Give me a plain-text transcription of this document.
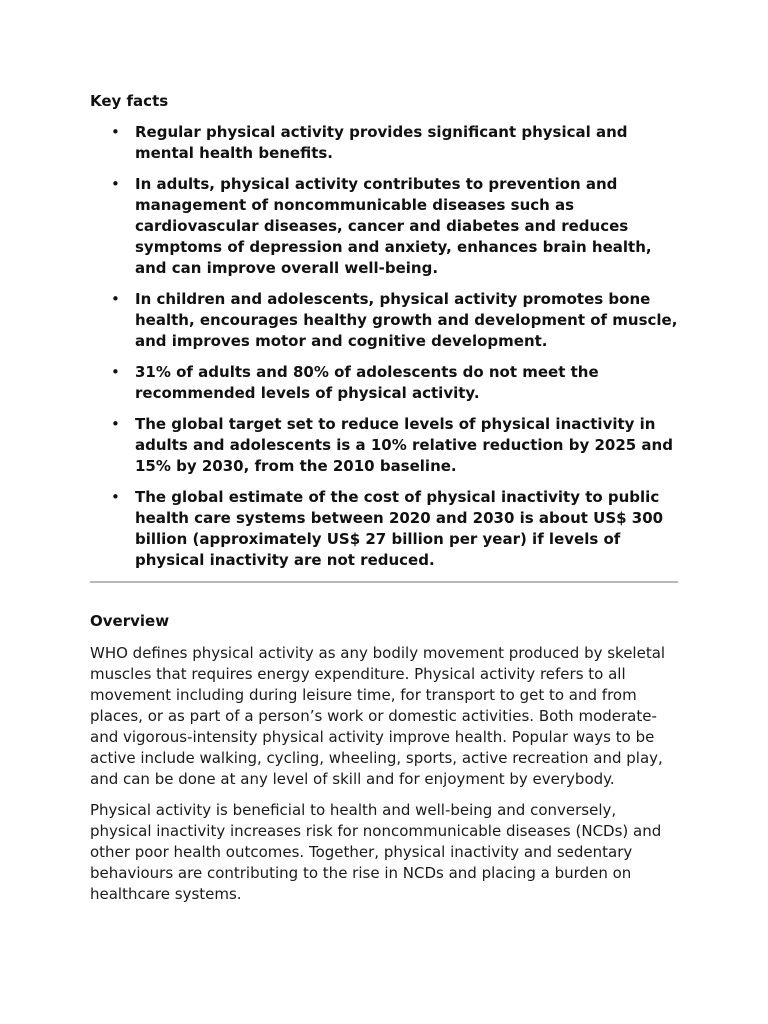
Key facts
• Regular physical activity provides significant physical and mental health benefits.
• In adults, physical activity contributes to prevention and management of noncommunicable diseases such as cardiovascular diseases, cancer and diabetes and reduces symptoms of depression and anxiety, enhances brain health, and can improve overall well-being.
• In children and adolescents, physical activity promotes bone health, encourages healthy growth and development of muscle, and improves motor and cognitive development.
• 31% of adults and 80% of adolescents do not meet the recommended levels of physical activity.
• The global target set to reduce levels of physical inactivity in adults and adolescents is a 10% relative reduction by 2025 and 15% by 2030, from the 2010 baseline.
• The global estimate of the cost of physical inactivity to public health care systems between 2020 and 2030 is about US$ 300 billion (approximately US$ 27 billion per year) if levels of physical inactivity are not reduced.
Overview

WHO defines physical activity as any bodily movement produced by skeletal muscles that requires energy expenditure. Physical activity refers to all movement including during leisure time, for transport to get to and from places, or as part of a person’s work or domestic activities. Both moderate- and vigorous-intensity physical activity improve health. Popular ways to be active include walking, cycling, wheeling, sports, active recreation and play, and can be done at any level of skill and for enjoyment by everybody.

Physical activity is beneficial to health and well-being and conversely, physical inactivity increases risk for noncommunicable diseases (NCDs) and other poor health outcomes. Together, physical inactivity and sedentary behaviours are contributing to the rise in NCDs and placing a burden on healthcare systems.
